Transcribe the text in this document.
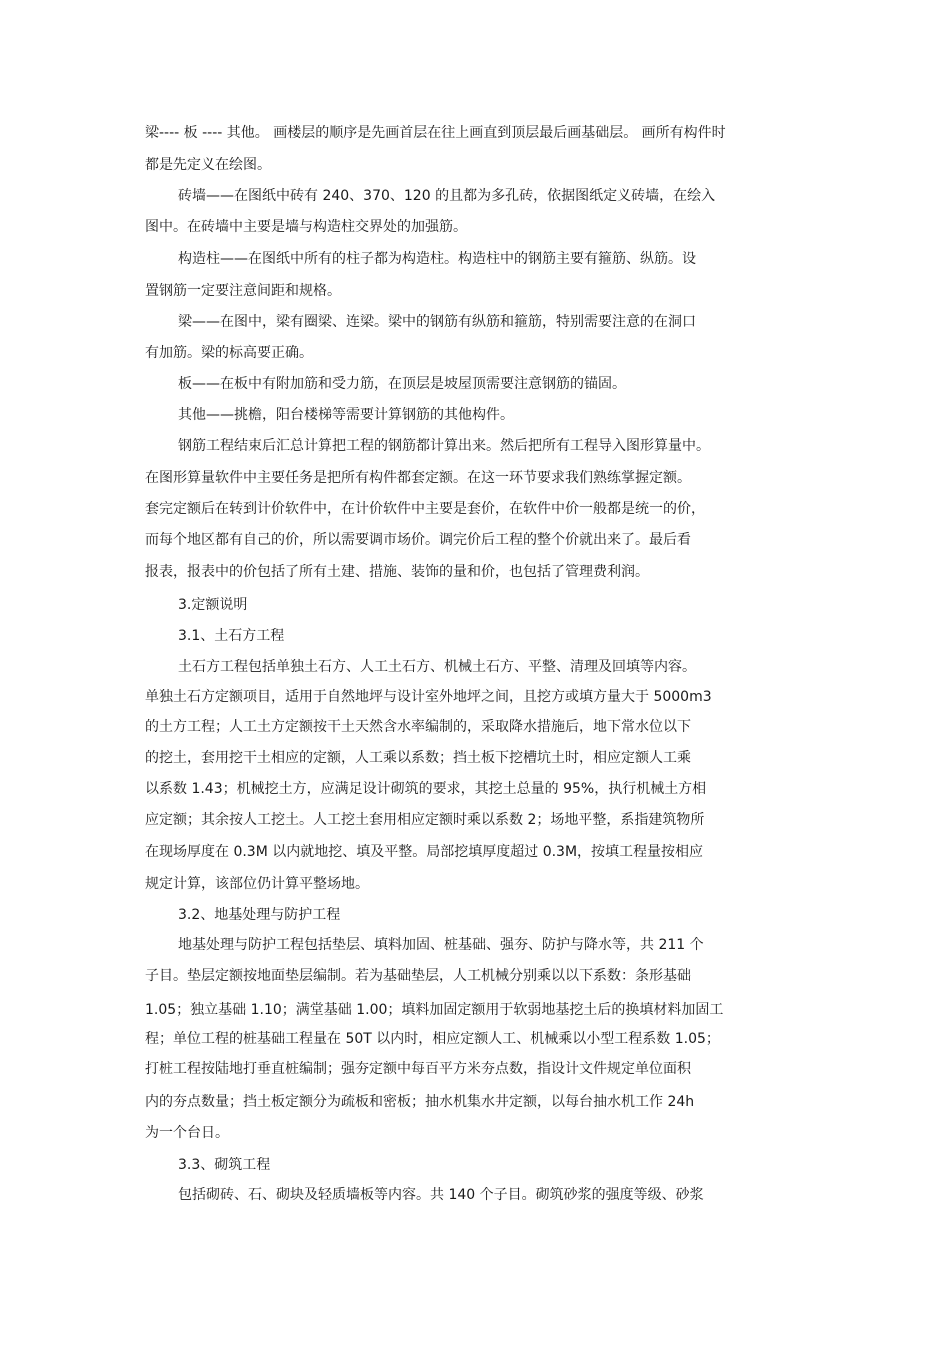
梁---- 板 ---- 其他。 画楼层的顺序是先画首层在往上画直到顶层最后画基础层。 画所有构件时
都是先定义在绘图。
砖墙——在图纸中砖有 240、370、120 的且都为多孔砖，依据图纸定义砖墙，在绘入
图中。在砖墙中主要是墙与构造柱交界处的加强筋。
构造柱——在图纸中所有的柱子都为构造柱。构造柱中的钢筋主要有箍筋、纵筋。设
置钢筋一定要注意间距和规格。
梁——在图中，梁有圈梁、连梁。梁中的钢筋有纵筋和箍筋，特别需要注意的在洞口
有加筋。梁的标高要正确。
板——在板中有附加筋和受力筋，在顶层是坡屋顶需要注意钢筋的锚固。
其他——挑檐，阳台楼梯等需要计算钢筋的其他构件。
钢筋工程结束后汇总计算把工程的钢筋都计算出来。然后把所有工程导入图形算量中。
在图形算量软件中主要任务是把所有构件都套定额。在这一环节要求我们熟练掌握定额。
套完定额后在转到计价软件中，在计价软件中主要是套价，在软件中价一般都是统一的价，
而每个地区都有自己的价，所以需要调市场价。调完价后工程的整个价就出来了。最后看
报表，报表中的价包括了所有土建、措施、装饰的量和价，也包括了管理费利润。
3.定额说明
3.1、土石方工程
土石方工程包括单独土石方、人工土石方、机械土石方、平整、清理及回填等内容。
单独土石方定额项目，适用于自然地坪与设计室外地坪之间，且挖方或填方量大于 5000m3
的土方工程；人工土方定额按干土天然含水率编制的，采取降水措施后，地下常水位以下
的挖土，套用挖干土相应的定额，人工乘以系数；挡土板下挖槽坑土时，相应定额人工乘
以系数 1.43；机械挖土方，应满足设计砌筑的要求，其挖土总量的 95%，执行机械土方相
应定额；其余按人工挖土。人工挖土套用相应定额时乘以系数 2；场地平整，系指建筑物所
在现场厚度在 0.3M 以内就地挖、填及平整。局部挖填厚度超过 0.3M，按填工程量按相应
规定计算，该部位仍计算平整场地。
3.2、地基处理与防护工程
地基处理与防护工程包括垫层、填料加固、桩基础、强夯、防护与降水等，共 211 个
子目。垫层定额按地面垫层编制。若为基础垫层，人工机械分别乘以以下系数：条形基础
1.05；独立基础 1.10；满堂基础 1.00；填料加固定额用于软弱地基挖土后的换填材料加固工
程；单位工程的桩基础工程量在 50T 以内时，相应定额人工、机械乘以小型工程系数 1.05；
打桩工程按陆地打垂直桩编制；强夯定额中每百平方米夯点数，指设计文件规定单位面积
内的夯点数量；挡土板定额分为疏板和密板；抽水机集水井定额，以每台抽水机工作 24h
为一个台日。
3.3、砌筑工程
包括砌砖、石、砌块及轻质墙板等内容。共 140 个子目。砌筑砂浆的强度等级、砂浆
